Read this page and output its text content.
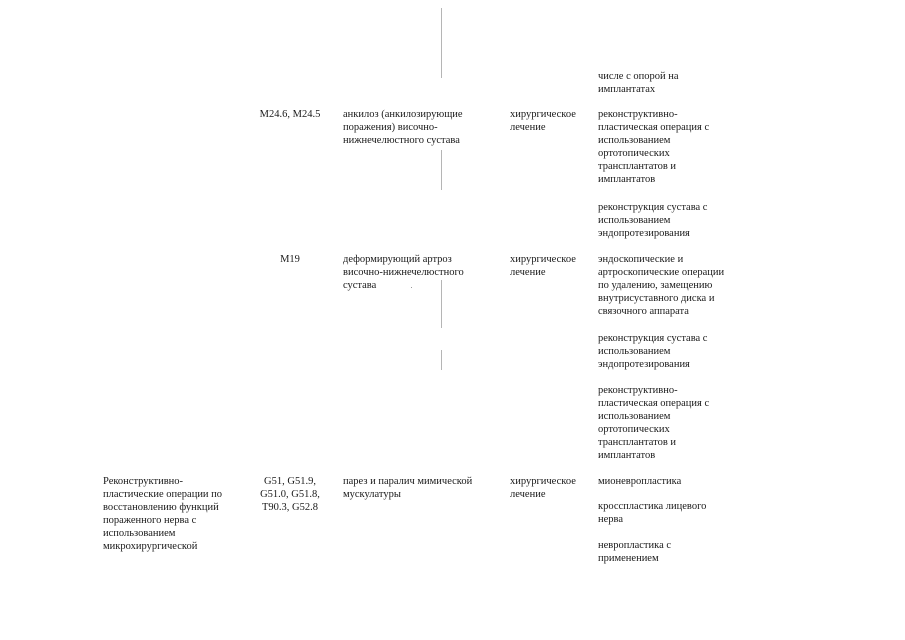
числе с опорой на
имплантатах
M24.6, M24.5	анкилоз (анкилозирующие
поражения) височно-
нижнечелюстного сустава
хирургическое
лечение
реконструктивно-
пластическая операция с
использованием
ортотопических
трансплантатов и
имплантатов
реконструкция сустава с
использованием
эндопротезирования
M19	деформирующий артроз
височно-нижнечелюстного
сустава
хирургическое
лечение
эндоскопические и
артроскопические операции
по удалению, замещению
внутрисуставного диска и
связочного аппарата
реконструкция сустава с
использованием
эндопротезирования
реконструктивно-
пластическая операция с
использованием
ортотопических
трансплантатов и
имплантатов
Реконструктивно-
пластические операции по
восстановлению функций
пораженного нерва с
использованием
микрохирургической
G51, G51.9,
G51.0, G51.8,
T90.3, G52.8
парез и паралич мимической
мускулатуры
хирургическое
лечение
мионевропластика
кросспластика лицевого
нерва
невропластика с
применением
